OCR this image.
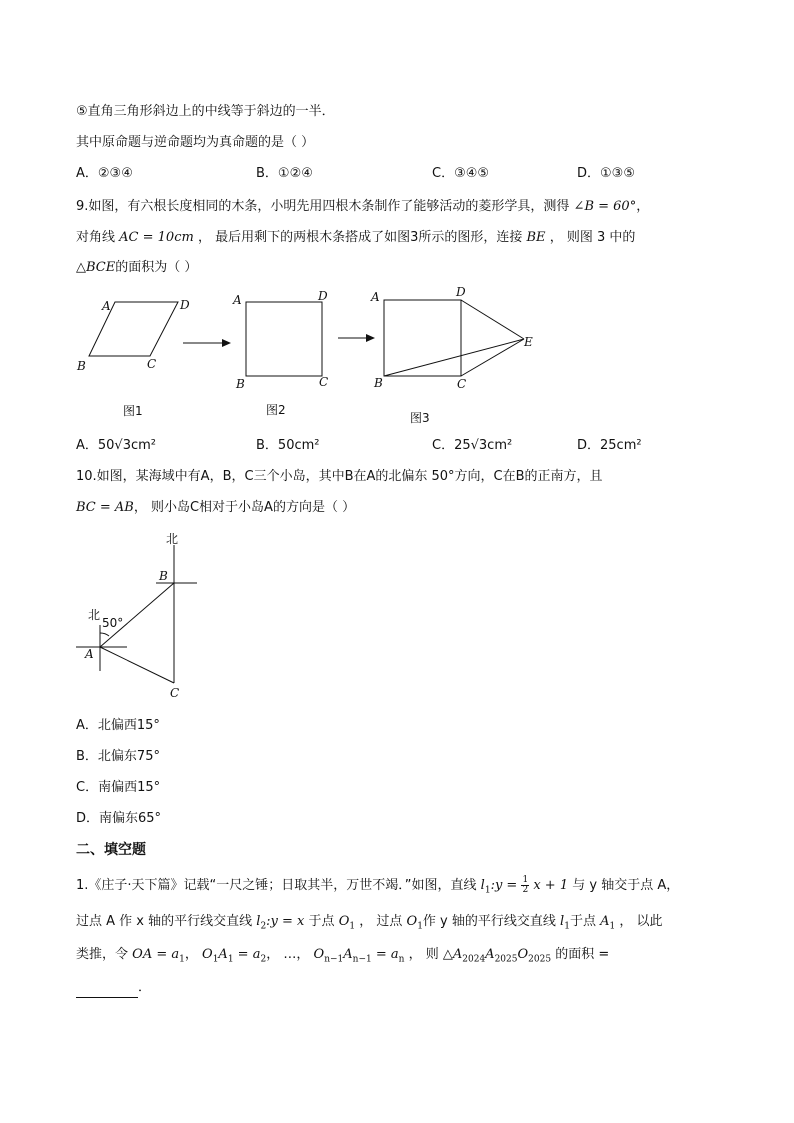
⑤直角三角形斜边上的中线等于斜边的一半．
其中原命题与逆命题均为真命题的是（ ）
A．②③④	B．①②④	C．③④⑤	D．①③⑤
9.如图，有六根长度相同的木条，小明先用四根木条制作了能够活动的菱形学具，测得 ∠B = 60°，
对角线 AC = 10cm ， 最后用剩下的两根木条搭成了如图3所示的图形，连接 BE ， 则图 3 中的
△BCE的面积为（ ）
A	D
B	C
A	D
B	C
A	D
E
B	C
图1	图2
图3
A．50√3cm²	B．50cm²	C．25√3cm²	D．25cm²
10.如图，某海域中有A，B，C三个小岛，其中B在A的北偏东 50°方向，C在B的正南方，且
BC = AB， 则小岛C相对于小岛A的方向是（ ）
北
北
50°
B
A
C
A．北偏西15°
B．北偏东75°
C．南偏西15°
D．南偏东65°
二、填空题
1.《庄子·天下篇》记载“一尺之锤；日取其半，万世不竭．”如图，直线 $l_1:y = \frac{1}{2}$ x + 1 与 y 轴交于点 A，
过点 A 作 x 轴的平行线交直线 $l_2:y = x$ 于点 $O_1$ ， 过点 $O_1$作 y 轴的平行线交直线 $l_1$于点 $A_1$ ， 以此
类推，令 OA = $a_1$， $O_1A_1 = a_2$， …， $O_{n-1}A_{n-1} = a_n$ ， 则 $\triangle A_{2024}A_{2025}O_{2025}$ 的面积 =
．
